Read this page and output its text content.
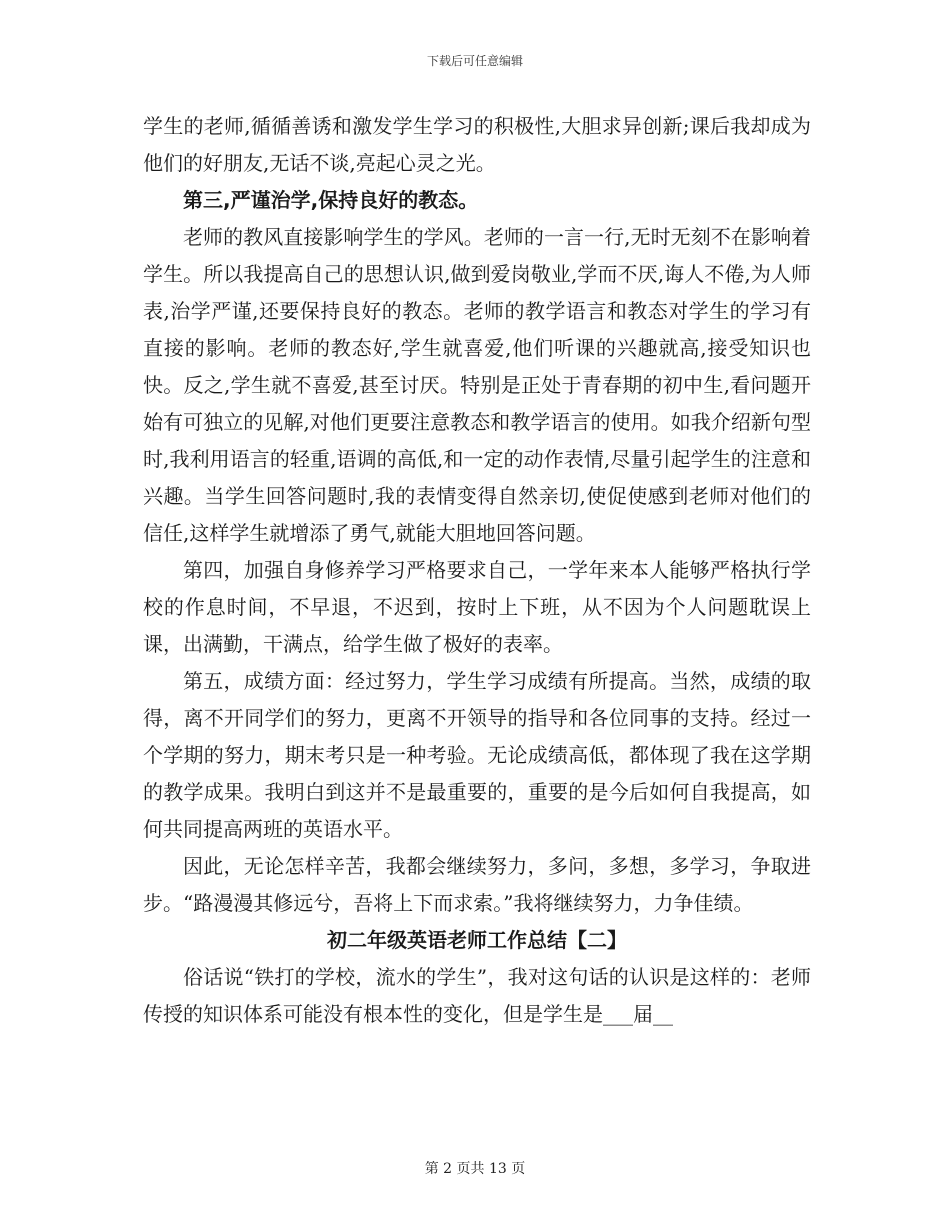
下载后可任意编辑

学生的老师,循循善诱和激发学生学习的积极性,大胆求异创新;课后我却成为他们的好朋友,无话不谈,亮起心灵之光。

第三,严谨治学,保持良好的教态。

老师的教风直接影响学生的学风。老师的一言一行,无时无刻不在影响着学生。所以我提高自己的思想认识,做到爱岗敬业,学而不厌,诲人不倦,为人师表,治学严谨,还要保持良好的教态。老师的教学语言和教态对学生的学习有直接的影响。老师的教态好,学生就喜爱,他们听课的兴趣就高,接受知识也快。反之,学生就不喜爱,甚至讨厌。特别是正处于青春期的初中生,看问题开始有可独立的见解,对他们更要注意教态和教学语言的使用。如我介绍新句型时,我利用语言的轻重,语调的高低,和一定的动作表情,尽量引起学生的注意和兴趣。当学生回答问题时,我的表情变得自然亲切,使促使感到老师对他们的信任,这样学生就增添了勇气,就能大胆地回答问题。

第四，加强自身修养学习严格要求自己，一学年来本人能够严格执行学校的作息时间，不早退，不迟到，按时上下班，从不因为个人问题耽误上课，出满勤，干满点，给学生做了极好的表率。

第五，成绩方面：经过努力，学生学习成绩有所提高。当然，成绩的取得，离不开同学们的努力，更离不开领导的指导和各位同事的支持。经过一个学期的努力，期末考只是一种考验。无论成绩高低，都体现了我在这学期的教学成果。我明白到这并不是最重要的，重要的是今后如何自我提高，如何共同提高两班的英语水平。

因此，无论怎样辛苦，我都会继续努力，多问，多想，多学习，争取进步。“路漫漫其修远兮，吾将上下而求索。”我将继续努力，力争佳绩。

初二年级英语老师工作总结【二】

俗话说“铁打的学校，流水的学生”，我对这句话的认识是这样的：老师传授的知识体系可能没有根本性的变化，但是学生是___届__

第 2 页共 13 页
